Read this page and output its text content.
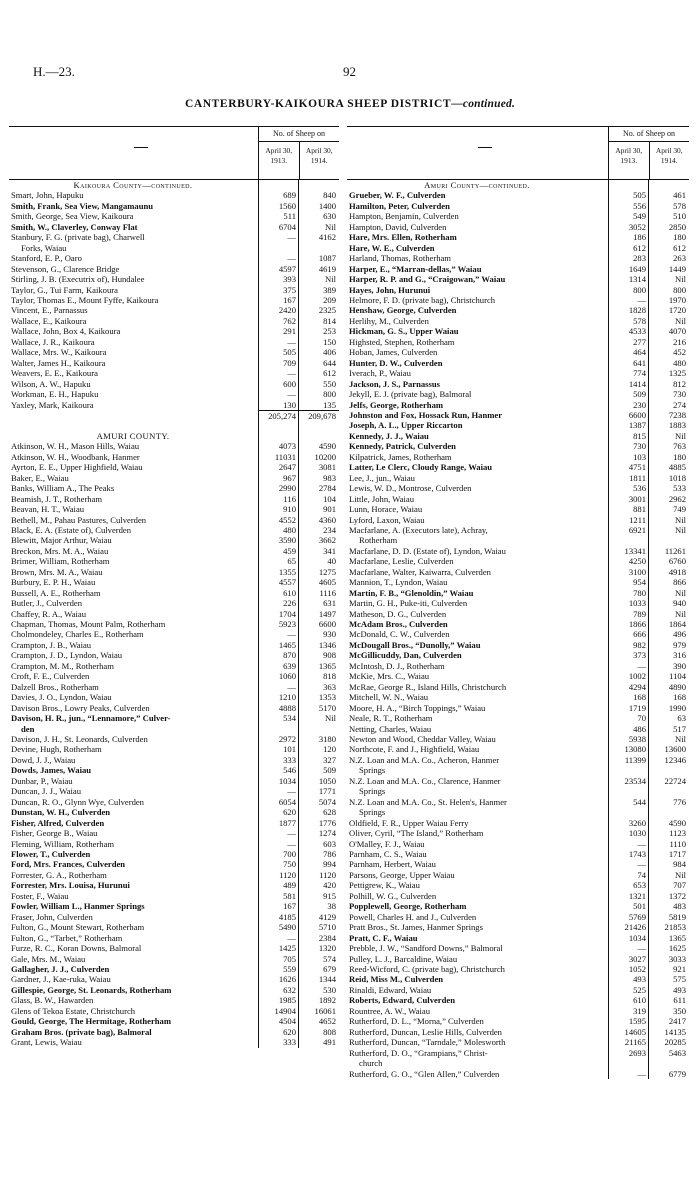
H.—23.	92
CANTERBURY-KAIKOURA SHEEP DISTRICT—continued.
No. of Sheep on
April 30, 1913.
April 30, 1914.
Kaikoura County—continued.
Smart, John, Hapuku	689	840
Smith, Frank, Sea View, Mangamaunu	1560	1400
Smith, George, Sea View, Kaikoura	511	630
Smith, W., Claverley, Conway Flat	6704	Nil
Stanbury, F. G. (private bag), Charwell	—	4162
Forks, Waiau
Stanford, E. P., Oaro	—	1087
Stevenson, G., Clarence Bridge	4597	4619
Stirling, J. B. (Executrix of), Hundalee	393	Nil
Taylor, G., Tui Farm, Kaikoura	375	389
Taylor, Thomas E., Mount Fyffe, Kaikoura	167	209
Vincent, E., Parnassus	2420	2325
Wallace, E., Kaikoura	762	814
Wallace, John, Box 4, Kaikoura	291	253
Wallace, J. R., Kaikoura	—	150
Wallace, Mrs. W., Kaikoura	505	406
Walter, James H., Kaikoura	709	644
Weavers, E. E., Kaikoura	—	612
Wilson, A. W., Hapuku	600	550
Workman, E. H., Hapuku	—	800
Yaxley, Mark, Kaikoura	130	135
205,274	209,678
AMURI COUNTY.
Atkinson, W. H., Mason Hills, Waiau	4073	4590
Atkinson, W. H., Woodbank, Hanmer	11031	10200
Ayrton, E. E., Upper Highfield, Waiau	2647	3081
Baker, E., Waiau	967	983
Banks, William A., The Peaks	2990	2784
Beamish, J. T., Rotherham	116	104
Beavan, H. T., Waiau	910	901
Bethell, M., Pahau Pastures, Culverden	4552	4360
Black, E. A. (Estate of), Culverden	480	234
Blewitt, Major Arthur, Waiau	3590	3662
Breckon, Mrs. M. A., Waiau	459	341
Brimer, William, Rotherham	65	40
Brown, Mrs. M. A., Waiau	1355	1275
Burbury, E. P. H., Waiau	4557	4605
Bussell, A. E., Rotherham	610	1116
Butler, J., Culverden	226	631
Chaffey, R. A., Waiau	1704	1497
Chapman, Thomas, Mount Palm, Rotherham	5923	6600
Cholmondeley, Charles E., Rotherham	—	930
Crampton, J. B., Waiau	1465	1346
Crampton, J. D., Lyndon, Waiau	870	908
Crampton, M. M., Rotherham	639	1365
Croft, F. E., Culverden	1060	818
Dalzell Bros., Rotherham	—	363
Davies, J. O., Lyndon, Waiau	1210	1353
Davison Bros., Lowry Peaks, Culverden	4888	5170
Davison, H. R., jun., “Lennamore,” Culver-	534	Nil
den
Davison, J. H., St. Leonards, Culverden	2972	3180
Devine, Hugh, Rotherham	101	120
Dowd, J. J., Waiau	333	327
Dowds, James, Waiau	546	509
Dunbar, P., Waiau	1034	1050
Duncan, J. J., Waiau	—	1771
Duncan, R. O., Glynn Wye, Culverden	6054	5074
Dunstan, W. H., Culverden	620	628
Fisher, Alfred, Culverden	1877	1776
Fisher, George B., Waiau	—	1274
Fleming, William, Rotherham	—	603
Flower, T., Culverden	700	786
Ford, Mrs. Frances, Culverden	750	994
Forrester, G. A., Rotherham	1120	1120
Forrester, Mrs. Louisa, Hurunui	489	420
Foster, F., Waiau	581	915
Fowler, William L., Hanmer Springs	167	38
Fraser, John, Culverden	4185	4129
Fulton, G., Mount Stewart, Rotherham	5490	5710
Fulton, G., “Tarbet,” Rotherham	—	2384
Furze, R. C., Koran Downs, Balmoral	1425	1320
Gale, Mrs. M., Waiau	705	574
Gallagher, J. J., Culverden	559	679
Gardner, J., Kae-ruka, Waiau	1626	1344
Gillespie, George, St. Leonards, Rotherham	632	530
Glass, B. W., Hawarden	1985	1892
Glens of Tekoa Estate, Christchurch	14904	16061
Gould, George, The Hermitage, Rotherham	4504	4652
Graham Bros. (private bag), Balmoral	620	808
Grant, Lewis, Waiau	333	491
No. of Sheep on
April 30, 1913.
April 30, 1914.
Amuri County—continued.
Grueber, W. F., Culverden	505	461
Hamilton, Peter, Culverden	556	578
Hampton, Benjamin, Culverden	549	510
Hampton, David, Culverden	3052	2850
Hare, Mrs. Ellen, Rotherham	186	180
Hare, W. E., Culverden	612	612
Harland, Thomas, Rotherham	283	263
Harper, E., “Marran-dellas,” Waiau	1649	1449
Harper, R. P. and G., “Craigowan,” Waiau	1314	Nil
Hayes, John, Hurunui	800	800
Helmore, F. D. (private bag), Christchurch	—	1970
Henshaw, George, Culverden	1828	1720
Herlihy, M., Culverden	578	Nil
Hickman, G. S., Upper Waiau	4533	4070
Highsted, Stephen, Rotherham	277	216
Hoban, James, Culverden	464	452
Hunter, D. W., Culverden	641	480
Iverach, P., Waiau	774	1325
Jackson, J. S., Parnassus	1414	812
Jekyll, E. J. (private bag), Balmoral	509	730
Jelfs, George, Rotherham	230	274
Johnston and Fox, Hossack Run, Hanmer	6600	7238
Joseph, A. L., Upper Riccarton	1387	1883
Kennedy, J. J., Waiau	815	Nil
Kennedy, Patrick, Culverden	730	763
Kilpatrick, James, Rotherham	103	180
Latter, Le Clerc, Cloudy Range, Waiau	4751	4885
Lee, J., jun., Waiau	1811	1018
Lewis, W. D., Montrose, Culverden	536	533
Little, John, Waiau	3001	2962
Lunn, Horace, Waiau	881	749
Lyford, Laxon, Waiau	1211	Nil
Macfarlane, A. (Executors late), Achray,	6921	Nil
Rotherham
Macfarlane, D. D. (Estate of), Lyndon, Waiau	13341	11261
Macfarlane, Leslie, Culverden	4250	6760
Macfarlane, Walter, Kaiwarra, Culverden	3100	4918
Mannion, T., Lyndon, Waiau	954	866
Martin, F. B., “Glenoldin,” Waiau	780	Nil
Martin, G. H., Puke-iti, Culverden	1033	940
Matheson, D. G., Culverden	789	Nil
McAdam Bros., Culverden	1866	1864
McDonald, C. W., Culverden	666	496
McDougall Bros., “Dunolly,” Waiau	982	979
McGillicuddy, Dan, Culverden	373	316
McIntosh, D. J., Rotherham	—	390
McKie, Mrs. C., Waiau	1002	1104
McRae, George R., Island Hills, Christchurch	4294	4890
Mitchell, W. N., Waiau	168	168
Moore, H. A., “Birch Toppings,” Waiau	1719	1990
Neale, R. T., Rotherham	70	63
Netting, Charles, Waiau	486	517
Newton and Wood, Cheddar Valley, Waiau	5938	Nil
Northcote, F. and J., Highfield, Waiau	13080	13600
N.Z. Loan and M.A. Co., Acheron, Hanmer	11399	12346
Springs
N.Z. Loan and M.A. Co., Clarence, Hanmer	23534	22724
Springs
N.Z. Loan and M.A. Co., St. Helen's, Hanmer	544	776
Springs
Oldfield, F. R., Upper Waiau Ferry	3260	4590
Oliver, Cyril, “The Island,” Rotherham	1030	1123
O'Malley, F. J., Waiau	—	1110
Parnham, C. S., Waiau	1743	1717
Parnham, Herbert, Waiau	—	984
Parsons, George, Upper Waiau	74	Nil
Pettigrew, K., Waiau	653	707
Polhill, W. G., Culverden	1321	1372
Popplewell, George, Rotherham	501	483
Powell, Charles H. and J., Culverden	5769	5819
Pratt Bros., St. James, Hanmer Springs	21426	21853
Pratt, C. F., Waiau	1034	1365
Prebble, J. W., “Sandford Downs,” Balmoral	—	1625
Pulley, L. J., Barcaldine, Waiau	3027	3033
Reed-Wicford, C. (private bag), Christchurch	1052	921
Reid, Miss M., Culverden	493	575
Rinaldi, Edward, Waiau	525	493
Roberts, Edward, Culverden	610	611
Rountree, A. W., Waiau	319	350
Rutherford, D. L., “Morna,” Culverden	1595	2417
Rutherford, Duncan, Leslie Hills, Culverden	14605	14135
Rutherford, Duncan, “Tarndale,” Molesworth	21165	20285
Rutherford, D. O., “Grampians,” Christ-	2693	5463
church
Rutherford, G. O., “Glen Allen,” Culverden	—	6779
